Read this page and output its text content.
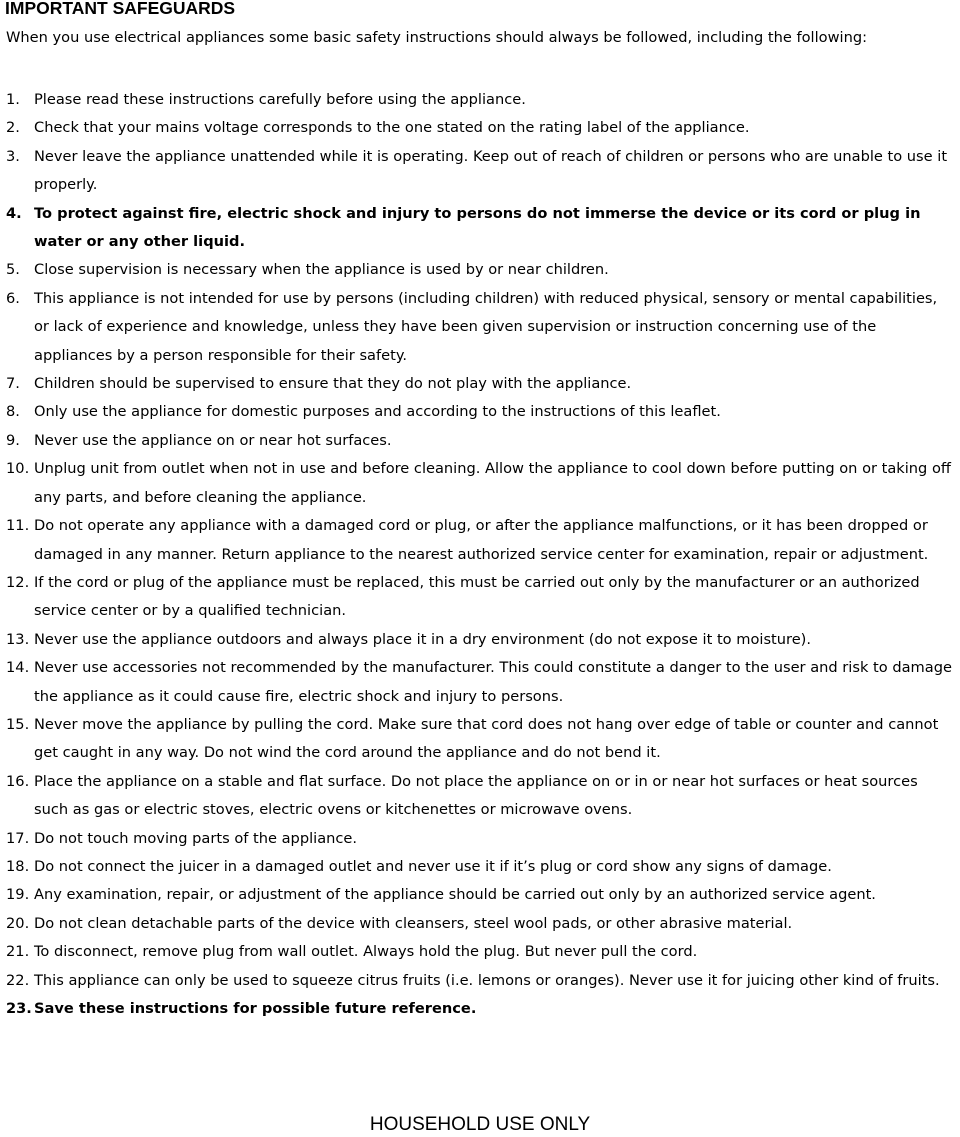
IMPORTANT SAFEGUARDS

When you use electrical appliances some basic safety instructions should always be followed, including the following:

1. Please read these instructions carefully before using the appliance.
2. Check that your mains voltage corresponds to the one stated on the rating label of the appliance.
3. Never leave the appliance unattended while it is operating. Keep out of reach of children or persons who are unable to use it properly.
4. To protect against fire, electric shock and injury to persons do not immerse the device or its cord or plug in water or any other liquid.
5. Close supervision is necessary when the appliance is used by or near children.
6. This appliance is not intended for use by persons (including children) with reduced physical, sensory or mental capabilities, or lack of experience and knowledge, unless they have been given supervision or instruction concerning use of the appliances by a person responsible for their safety.
7. Children should be supervised to ensure that they do not play with the appliance.
8. Only use the appliance for domestic purposes and according to the instructions of this leaflet.
9. Never use the appliance on or near hot surfaces.
10. Unplug unit from outlet when not in use and before cleaning. Allow the appliance to cool down before putting on or taking off any parts, and before cleaning the appliance.
11. Do not operate any appliance with a damaged cord or plug, or after the appliance malfunctions, or it has been dropped or damaged in any manner. Return appliance to the nearest authorized service center for examination, repair or adjustment.
12. If the cord or plug of the appliance must be replaced, this must be carried out only by the manufacturer or an authorized service center or by a qualified technician.
13. Never use the appliance outdoors and always place it in a dry environment (do not expose it to moisture).
14. Never use accessories not recommended by the manufacturer. This could constitute a danger to the user and risk to damage the appliance as it could cause fire, electric shock and injury to persons.
15. Never move the appliance by pulling the cord. Make sure that cord does not hang over edge of table or counter and cannot get caught in any way. Do not wind the cord around the appliance and do not bend it.
16. Place the appliance on a stable and flat surface. Do not place the appliance on or in or near hot surfaces or heat sources such as gas or electric stoves, electric ovens or kitchenettes or microwave ovens.
17. Do not touch moving parts of the appliance.
18. Do not connect the juicer in a damaged outlet and never use it if it’s plug or cord show any signs of damage.
19. Any examination, repair, or adjustment of the appliance should be carried out only by an authorized service agent.
20. Do not clean detachable parts of the device with cleansers, steel wool pads, or other abrasive material.
21. To disconnect, remove plug from wall outlet. Always hold the plug. But never pull the cord.
22. This appliance can only be used to squeeze citrus fruits (i.e. lemons or oranges). Never use it for juicing other kind of fruits.
23. Save these instructions for possible future reference.

HOUSEHOLD USE ONLY
